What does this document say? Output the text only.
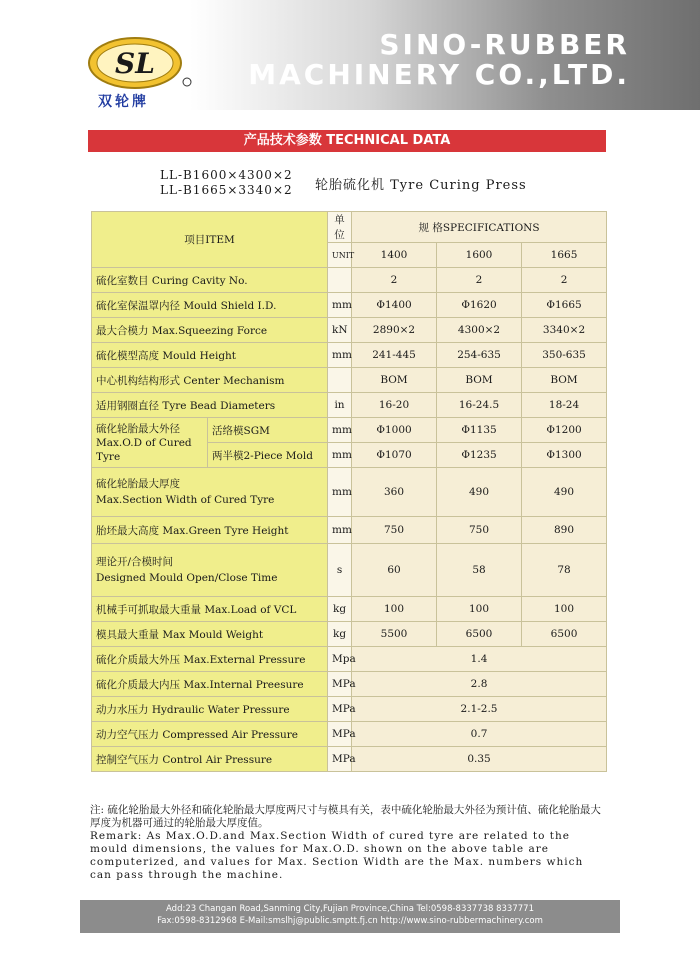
SINO-RUBBER
MACHINERY CO.,LTD.
SL
双轮牌
产品技术参数 TECHNICAL DATA
LL-B1600×4300×2
LL-B1665×3340×2 轮胎硫化机 Tyre Curing Press
项目ITEM		单位	规 格SPECIFICATIONS		
		UNIT	1400	1600	1665
硫化室数目 Curing Cavity No.			2	2	2
硫化室保温罩内径 Mould Shield I.D.		mm	Φ1400	Φ1620	Φ1665
最大合模力 Max.Squeezing Force		kN	2890×2	4300×2	3340×2
硫化模型高度 Mould Height		mm	241-445	254-635	350-635
中心机构结构形式 Center Mechanism			BOM	BOM	BOM
适用钢圈直径 Tyre Bead Diameters		in	16-20	16-24.5	18-24
硫化轮胎最大外径
Max.O.D of Cured Tyre	活络模SGM	mm	Φ1000	Φ1135	Φ1200
	两半模2-Piece Mold	mm	Φ1070	Φ1235	Φ1300
硫化轮胎最大厚度
Max.Section Width of Cured Tyre		mm	360	490	490
胎坯最大高度 Max.Green Tyre Height		mm	750	750	890
理论开/合模时间
Designed Mould Open/Close Time		s	60	58	78
机械手可抓取最大重量 Max.Load of VCL		kg	100	100	100
模具最大重量 Max Mould Weight		kg	5500	6500	6500
硫化介质最大外压 Max.External Pressure		Mpa	1.4		
硫化介质最大内压 Max.Internal Preesure		MPa	2.8		
动力水压力 Hydraulic Water Pressure		MPa	2.1-2.5		
动力空气压力 Compressed Air Pressure		MPa	0.7		
控制空气压力 Control Air Pressure		MPa	0.35		

注: 硫化轮胎最大外径和硫化轮胎最大厚度两尺寸与模具有关，表中硫化轮胎最大外径为预计值、硫化轮胎最大厚度为机器可通过的轮胎最大厚度值。

Remark: As Max.O.D.and Max.Section Width of cured tyre are related to the mould dimensions, the values for Max.O.D. shown on the above table are computerized, and values for Max. Section Width are the Max. numbers which can pass through the machine.

Add:23 Changan Road,Sanming City,Fujian Province,China Tel:0598-8337738 8337771
Fax:0598-8312968 E-Mail:smslhj@public.smptt.fj.cn http://www.sino-rubbermachinery.com
